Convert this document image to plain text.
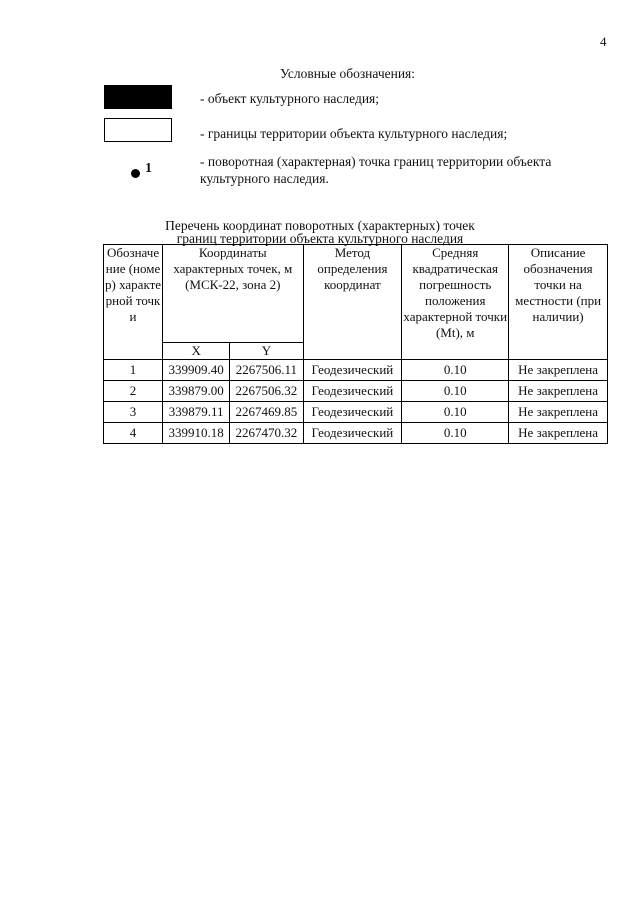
4
Условные обозначения:
- объект культурного наследия;
- границы территории объекта культурного наследия;
1	- поворотная (характерная) точка границ территории объекта культурного наследия.
Перечень координат поворотных (характерных) точек
границ территории объекта культурного наследия
Обозначение (номер) характерной точки	Координаты характерных точек, м (МСК-22, зона 2)		Метод определения координат	Средняя квадратическая погрешность положения характерной точки (Mt), м	Описание обозначения точки на местности (при наличии)
	X	Y			
1	339909.40	2267506.11	Геодезический	0.10	Не закреплена
2	339879.00	2267506.32	Геодезический	0.10	Не закреплена
3	339879.11	2267469.85	Геодезический	0.10	Не закреплена
4	339910.18	2267470.32	Геодезический	0.10	Не закреплена
